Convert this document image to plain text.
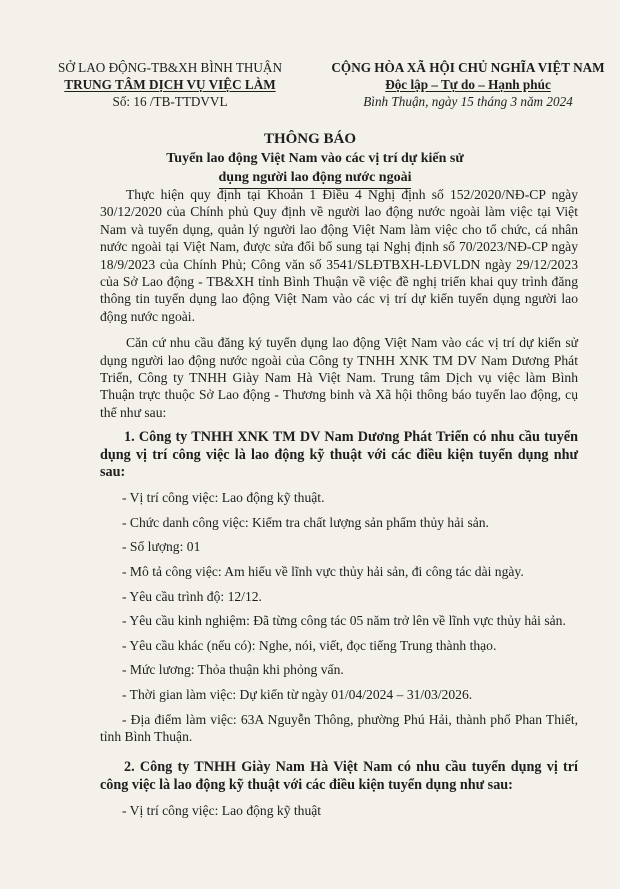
SỞ LAO ĐỘNG-TB&XH BÌNH THUẬN
TRUNG TÂM DỊCH VỤ VIỆC LÀM
Số: 16 /TB-TTDVVL
CỘNG HÒA XÃ HỘI CHỦ NGHĨA VIỆT NAM
Độc lập – Tự do – Hạnh phúc
Bình Thuận, ngày 15 tháng 3 năm 2024
THÔNG BÁO
Tuyển lao động Việt Nam vào các vị trí dự kiến sử
dụng người lao động nước ngoài

Thực hiện quy định tại Khoản 1 Điều 4 Nghị định số 152/2020/NĐ-CP ngày 30/12/2020 của Chính phủ Quy định về người lao động nước ngoài làm việc tại Việt Nam và tuyển dụng, quản lý người lao động Việt Nam làm việc cho tổ chức, cá nhân nước ngoài tại Việt Nam, được sửa đổi bổ sung tại Nghị định số 70/2023/NĐ-CP ngày 18/9/2023 của Chính Phủ; Công văn số 3541/SLĐTBXH-LĐVLDN ngày 29/12/2023 của Sở Lao động - TB&XH tỉnh Bình Thuận về việc đề nghị triển khai quy trình đăng thông tin tuyển dụng lao động Việt Nam vào các vị trí dự kiến tuyển dụng người lao động nước ngoài.

Căn cứ nhu cầu đăng ký tuyển dụng lao động Việt Nam vào các vị trí dự kiến sử dụng người lao động nước ngoài của Công ty TNHH XNK TM DV Nam Dương Phát Triển, Công ty TNHH Giày Nam Hà Việt Nam. Trung tâm Dịch vụ việc làm Bình Thuận trực thuộc Sở Lao động - Thương binh và Xã hội thông báo tuyển lao động, cụ thể như sau:

1. Công ty TNHH XNK TM DV Nam Dương Phát Triển có nhu cầu tuyển dụng vị trí công việc là lao động kỹ thuật với các điều kiện tuyển dụng như sau:

- Vị trí công việc: Lao động kỹ thuật.

- Chức danh công việc: Kiểm tra chất lượng sản phẩm thủy hải sản.

- Số lượng: 01

- Mô tả công việc: Am hiểu về lĩnh vực thủy hải sản, đi công tác dài ngày.

- Yêu cầu trình độ: 12/12.

- Yêu cầu kinh nghiệm: Đã từng công tác 05 năm trở lên về lĩnh vực thủy hải sản.

- Yêu cầu khác (nếu có): Nghe, nói, viết, đọc tiếng Trung thành thạo.

- Mức lương: Thỏa thuận khi phỏng vấn.

- Thời gian làm việc: Dự kiến từ ngày 01/04/2024 – 31/03/2026.

- Địa điểm làm việc: 63A Nguyễn Thông, phường Phú Hải, thành phố Phan Thiết, tỉnh Bình Thuận.

2. Công ty TNHH Giày Nam Hà Việt Nam có nhu cầu tuyển dụng vị trí công việc là lao động kỹ thuật với các điều kiện tuyển dụng như sau:

- Vị trí công việc: Lao động kỹ thuật
